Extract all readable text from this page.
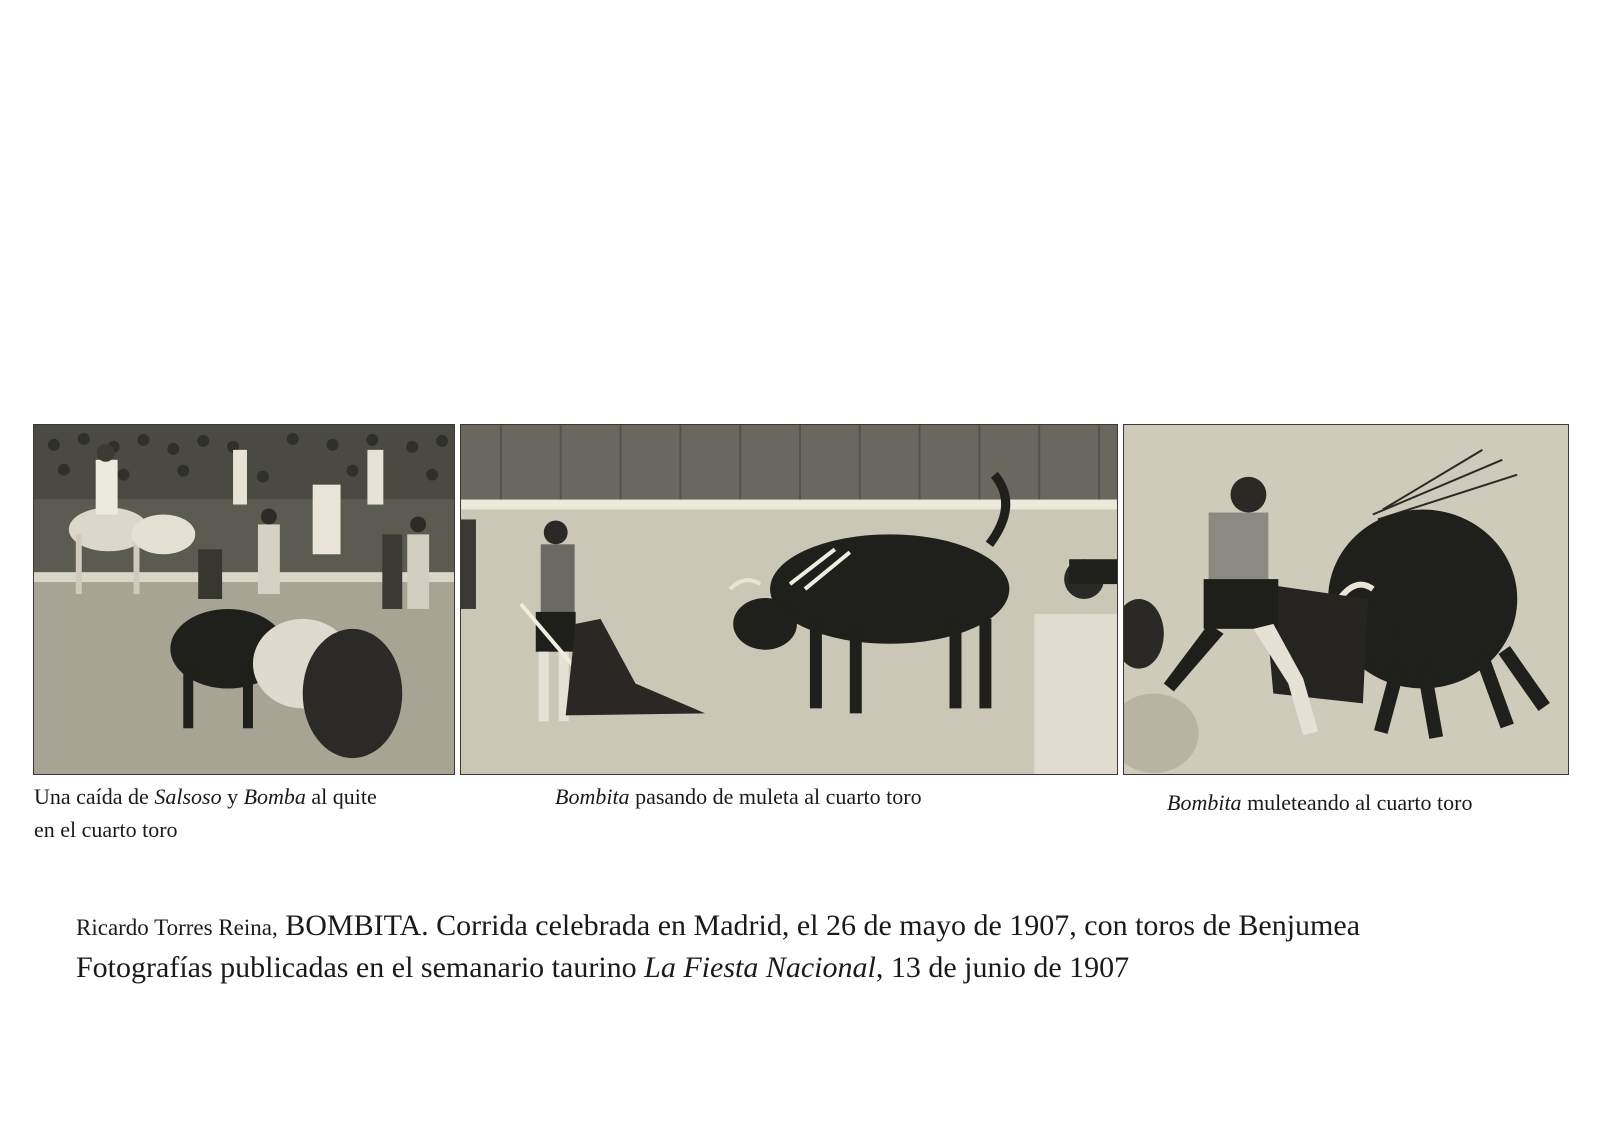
Una caída de Salsoso y Bomba al quite
en el cuarto toro
Bombita pasando de muleta al cuarto toro	Bombita muleteando al cuarto toro
Ricardo Torres Reina, BOMBITA. Corrida celebrada en Madrid, el 26 de mayo de 1907, con toros de Benjumea
Fotografías publicadas en el semanario taurino La Fiesta Nacional, 13 de junio de 1907
